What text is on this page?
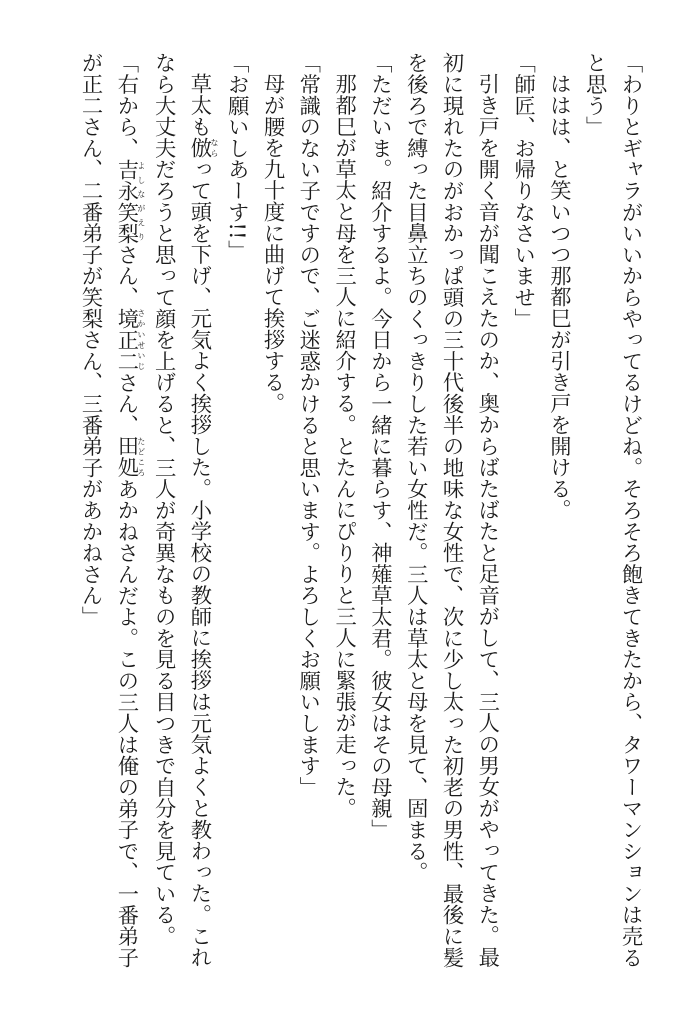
「わりとギャラがいいからやってるけどね。そろそろ飽きてきたから、タワーマンションは売ると思う」
ははは、と笑いつつ那都巳が引き戸を開ける。
「師匠、お帰りなさいませ」
引き戸を開く音が聞こえたのか、奥からばたばたと足音がして、三人の男女がやってきた。最初に現れたのがおかっぱ頭の三十代後半の地味な女性で、次に少し太った初老の男性、最後に髪を後ろで縛った目鼻立ちのくっきりした若い女性だ。三人は草太と母を見て、固まる。
「ただいま。紹介するよ。今日から一緒に暮らす、神薙草太君。彼女はその母親」
那都巳が草太と母を三人に紹介する。とたんにぴりりと三人に緊張が走った。
「常識のない子ですので、ご迷惑かけると思います。よろしくお願いします」
母が腰を九十度に曲げて挨拶する。
「お願いしあーす!!」
草太も倣ならって頭を下げ、元気よく挨拶した。小学校の教師に挨拶は元気よくと教わった。これなら大丈夫だろうと思って顔を上げると、三人が奇異なものを見る目つきで自分を見ている。
「右から、吉永笑梨よしながえりさん、境正二さかいせいじさん、田処たどころあかねさんだよ。この三人は俺の弟子で、一番弟子が正二さん、二番弟子が笑梨さん、三番弟子があかねさん」
